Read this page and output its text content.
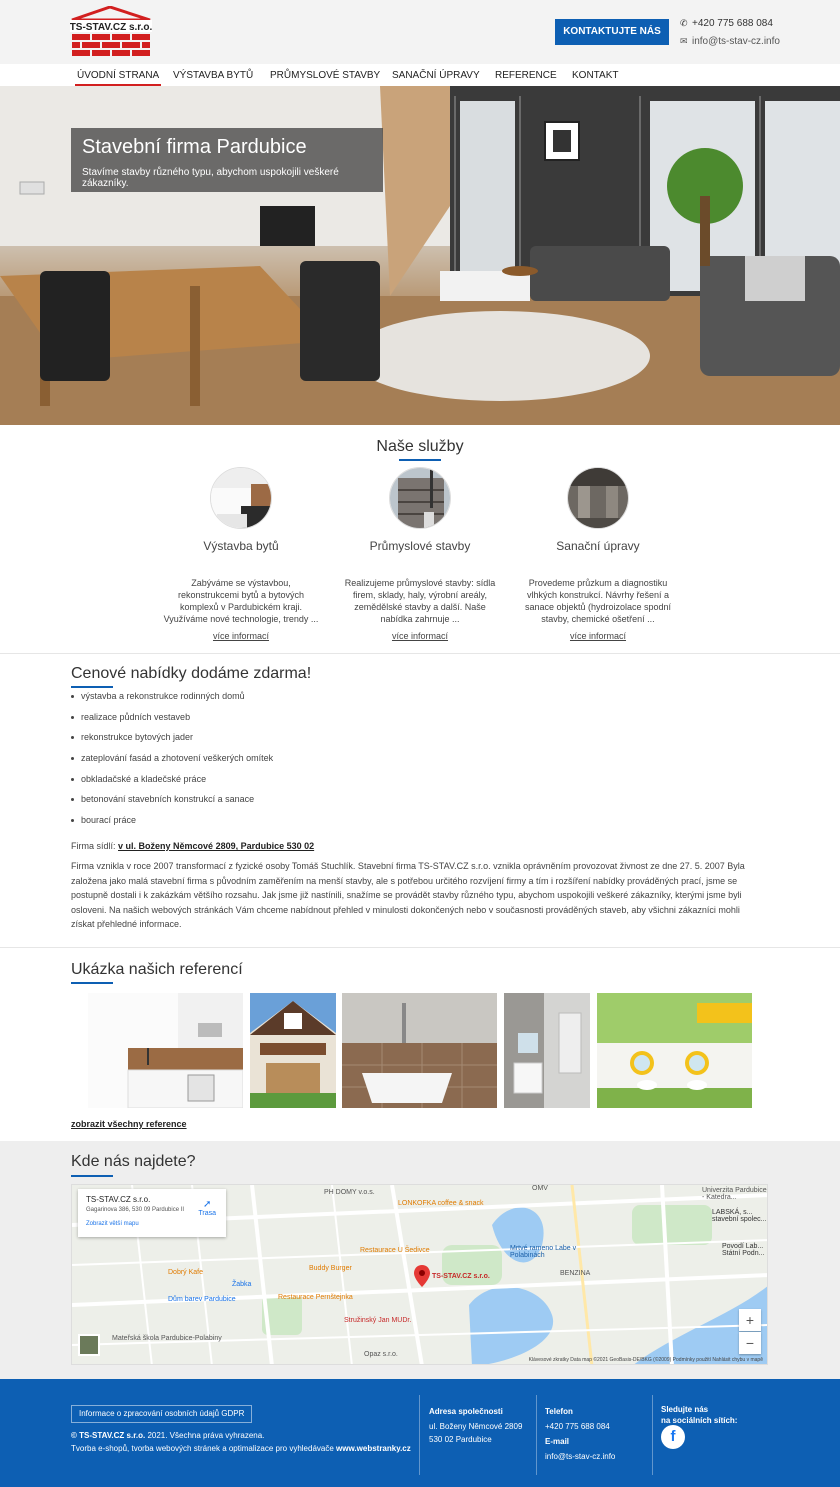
TS-STAV.CZ s.r.o.	KONTAKTUJTE NÁS
✆ +420 775 688 084
✉ info@ts-stav-cz.info
ÚVODNÍ STRANA VÝSTAVBA BYTŮ PRŮMYSLOVÉ STAVBY SANAČNÍ ÚPRAVY REFERENCE KONTAKT
Stavební firma Pardubice
Stavíme stavby různého typu, abychom uspokojili veškeré zákazníky.
Naše služby
Výstavba bytů
Zabýváme se výstavbou, rekonstrukcemi bytů a bytových komplexů v Pardubickém kraji. Využíváme nové technologie, trendy ...
více informací
Průmyslové stavby
Realizujeme průmyslové stavby: sídla firem, sklady, haly, výrobní areály, zemědělské stavby a další. Naše nabídka zahrnuje ...
více informací
Sanační úpravy
Provedeme průzkum a diagnostiku vlhkých konstrukcí. Návrhy řešení a sanace objektů (hydroizolace spodní stavby, chemické ošetření ...
více informací
Cenové nabídky dodáme zdarma!
výstavba a rekonstrukce rodinných domů
realizace půdních vestaveb
rekonstrukce bytových jader
zateplování fasád a zhotovení veškerých omítek
obkladačské a kladečské práce
betonování stavebních konstrukcí a sanace
bourací práce
Firma sídlí: v ul. Boženy Němcové 2809, Pardubice 530 02
Firma vznikla v roce 2007 transformací z fyzické osoby Tomáš Stuchlík. Stavební firma TS-STAV.CZ s.r.o. vznikla oprávněním provozovat živnost ze dne 27. 5. 2007 Byla založena jako malá stavební firma s původním zaměřením na menší stavby, ale s potřebou určitého rozvíjení firmy a tím i rozšíření nabídky prováděných prací, jsme se postupně dostali i k zakázkám většího rozsahu. Jak jsme již nastínili, snažíme se provádět stavby různého typu, abychom uspokojili veškeré zákazníky, kterými jsme byli osloveni. Na našich webových stránkách Vám chceme nabídnout přehled v minulosti dokončených nebo v současnosti prováděných staveb, aby všichni zákazníci mohli získat přehledné informace.
Ukázka našich referencí
zobrazit všechny reference
Kde nás najdete?
TS-STAV.CZ s.r.o.
Gagarinova 386, 530 09 Pardubice II
Zobrazit větší mapu
➚
Trasa
TS-STAV.CZ s.r.o.
PH DOMY v.o.s.
LONKOFKA coffee & snack
Restaurace U Šedivce
Buddy Burger
Dobrý Kafe
Žabka
Dům barev Pardubice	Restaurace Pernštejnka
Stružinský Jan MUDr.
Mateřská škola Pardubice-Polabiny
Mrtvé rameno Labe v Polabinách
BENZINA
Univerzita Pardubice - Katedra...
LABSKÁ, s... stavební spolec...
Povodí Lab... Státní Podn...
OMV
Opaz s.r.o.
+
−
Klávesové zkratky Data map ©2021 GeoBasis-DE/BKG (©2009) Podmínky použití Nahlásit chybu v mapě
Informace o zpracování osobních údajů GDPR
© TS-STAV.CZ s.r.o. 2021. Všechna práva vyhrazena.
Tvorba e-shopů, tvorba webových stránek a optimalizace pro vyhledávače www.webstranky.cz
Adresa společnosti
ul. Boženy Němcové 2809
530 02 Pardubice
Telefon
+420 775 688 084
E-mail
info@ts-stav-cz.info
Sledujte nás
na sociálních sítích:
f
